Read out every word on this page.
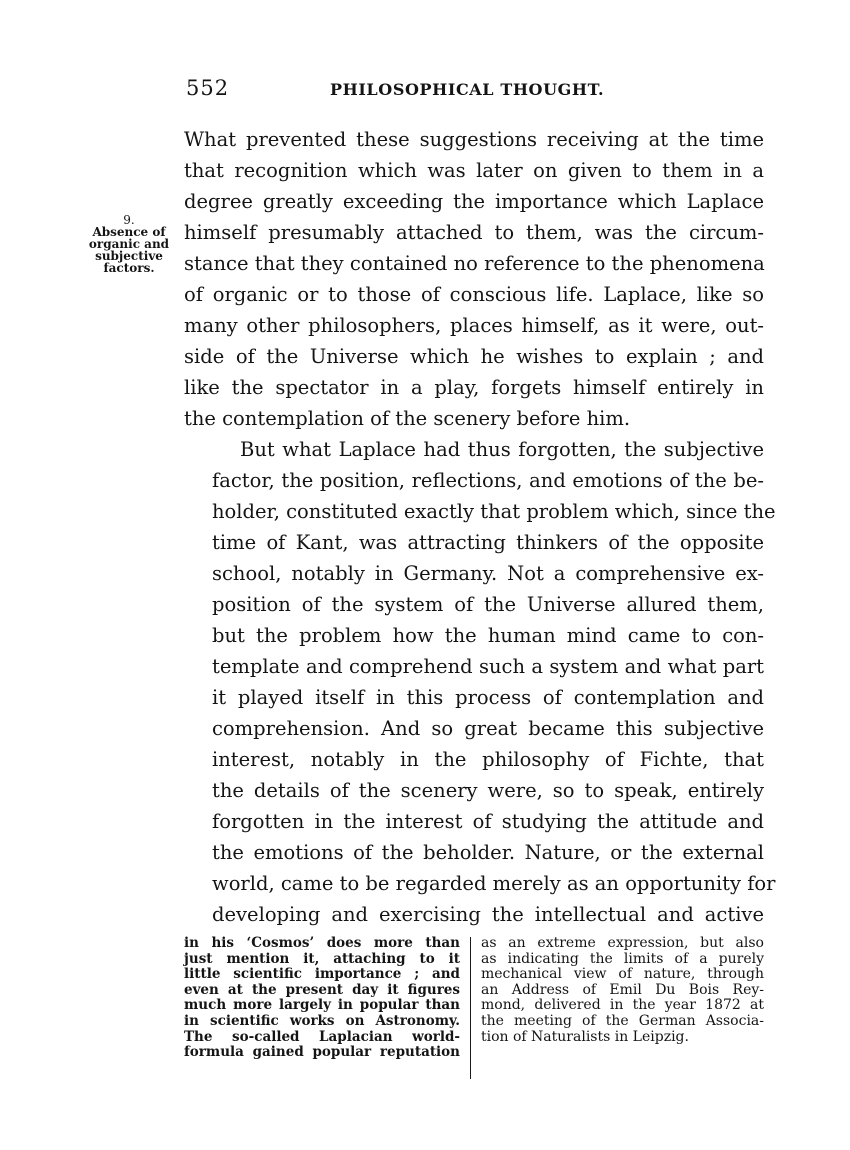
552	PHILOSOPHICAL THOUGHT.
9.
Absence of
organic and
subjective
factors.

What prevented these suggestions receiving at the time
that recognition which was later on given to them in a
degree greatly exceeding the importance which Laplace
himself presumably attached to them, was the circum-
stance that they contained no reference to the phenomena
of organic or to those of conscious life. Laplace, like so
many other philosophers, places himself, as it were, out-
side of the Universe which he wishes to explain ; and
like the spectator in a play, forgets himself entirely in
the contemplation of the scenery before him.

But what Laplace had thus forgotten, the subjective
factor, the position, reflections, and emotions of the be-
holder, constituted exactly that problem which, since the
time of Kant, was attracting thinkers of the opposite
school, notably in Germany. Not a comprehensive ex-
position of the system of the Universe allured them,
but the problem how the human mind came to con-
template and comprehend such a system and what part
it played itself in this process of contemplation and
comprehension. And so great became this subjective
interest, notably in the philosophy of Fichte, that
the details of the scenery were, so to speak, entirely
forgotten in the interest of studying the attitude and
the emotions of the beholder. Nature, or the external
world, came to be regarded merely as an opportunity for
developing and exercising the intellectual and active

in his ‘Cosmos’ does more than
just mention it, attaching to it
little scientific importance ; and
even at the present day it figures
much more largely in popular than
in scientific works on Astronomy.
The so-called Laplacian world-
formula gained popular reputation
as an extreme expression, but also
as indicating the limits of a purely
mechanical view of nature, through
an Address of Emil Du Bois Rey-
mond, delivered in the year 1872 at
the meeting of the German Associa-
tion of Naturalists in Leipzig.
